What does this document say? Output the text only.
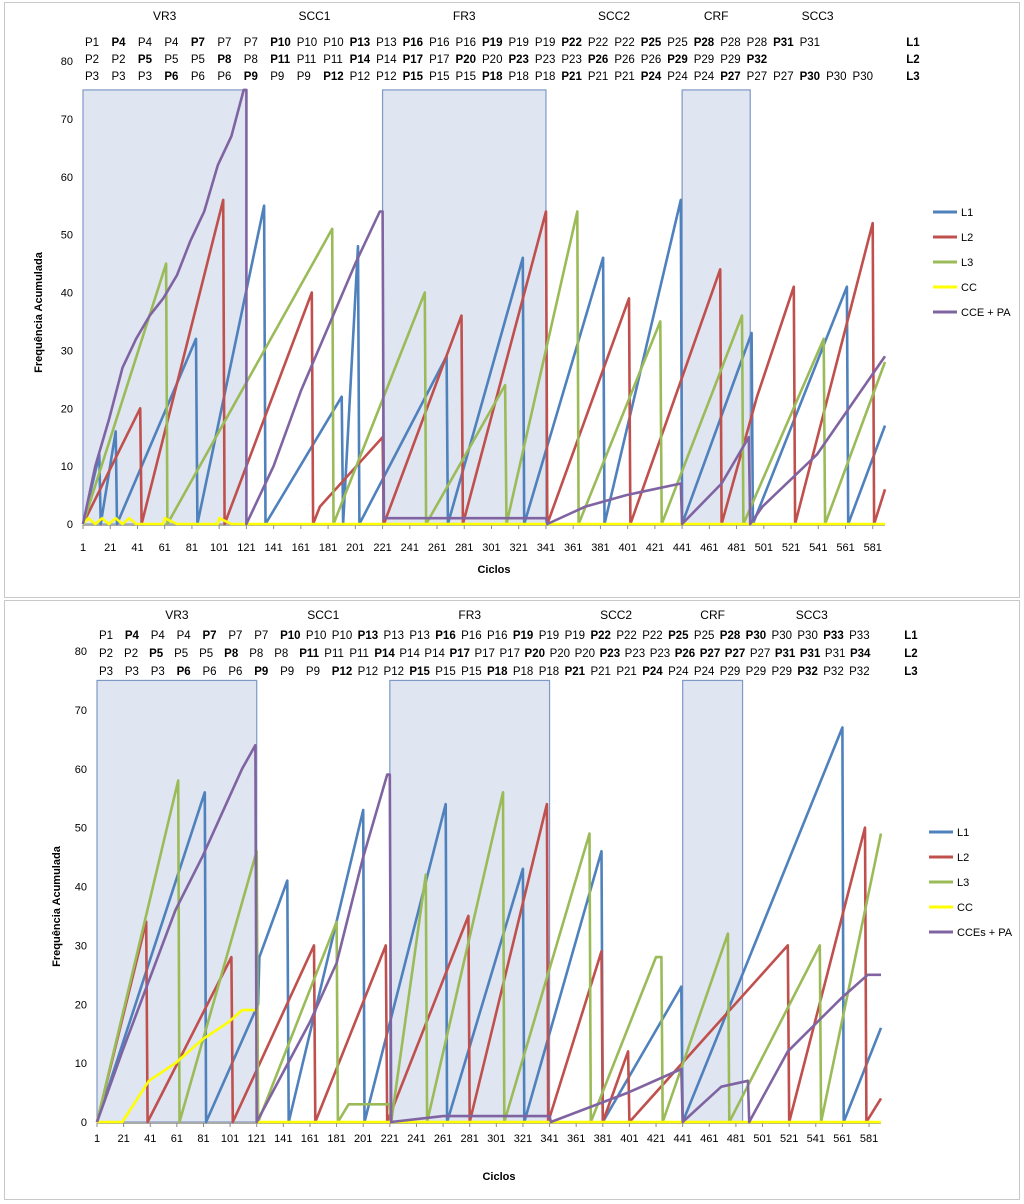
0
10
20
30
40
50
60
70
80
1 21 41 61 81 101 121 141 161 181 201 221 241 261 281 301 321 341 361 381 401 421 441 461 481 501 521 541 561 581
Ciclos
Frequência Acumulada
VR3	SCC1	FR3	SCC2	CRF	SCC3
P1 P4 P4 P4 P7 P7 P7 P10 P10 P10 P13 P13 P16 P16 P16 P19 P19 P19 P22 P22 P22 P25 P25 P28 P28 P28 P31 P31	L1
P2 P2 P5 P5 P5 P8 P8 P11 P11 P11 P14 P14 P17 P17 P20 P20 P23 P23 P23 P26 P26 P26 P29 P29 P29 P32	L2
P3 P3 P3 P6 P6 P6 P9 P9 P9 P12 P12 P12 P15 P15 P15 P18 P18 P18 P21 P21 P21 P24 P24 P24 P27 P27 P27 P30 P30 P30	L3
L1
L2
L3
CC
CCE + PA
0
10
20
30
40
50
60
70
80
1 21 41 61 81 101 121 141 161 181 201 221 241 261 281 301 321 341 361 381 401 421 441 461 481 501 521 541 561 581
Ciclos
Frequência Acumulada
VR3	SCC1	FR3	SCC2	CRF	SCC3
P1 P4 P4 P4 P7 P7 P7 P10 P10 P10 P13 P13 P13 P16 P16 P16 P19 P19 P19 P22 P22 P22 P25 P25 P28 P30 P30 P30 P33 P33	L1
P2 P2 P5 P5 P5 P8 P8 P8 P11 P11 P11 P14 P14 P14 P17 P17 P17 P20 P20 P20 P23 P23 P23 P26 P27 P27 P27 P31 P31 P31 P34	L2
P3 P3 P3 P6 P6 P6 P9 P9 P9 P12 P12 P12 P15 P15 P15 P18 P18 P18 P21 P21 P21 P24 P24 P24 P29 P29 P29 P32 P32 P32	L3
L1
L2
L3
CC
CCEs + PA
